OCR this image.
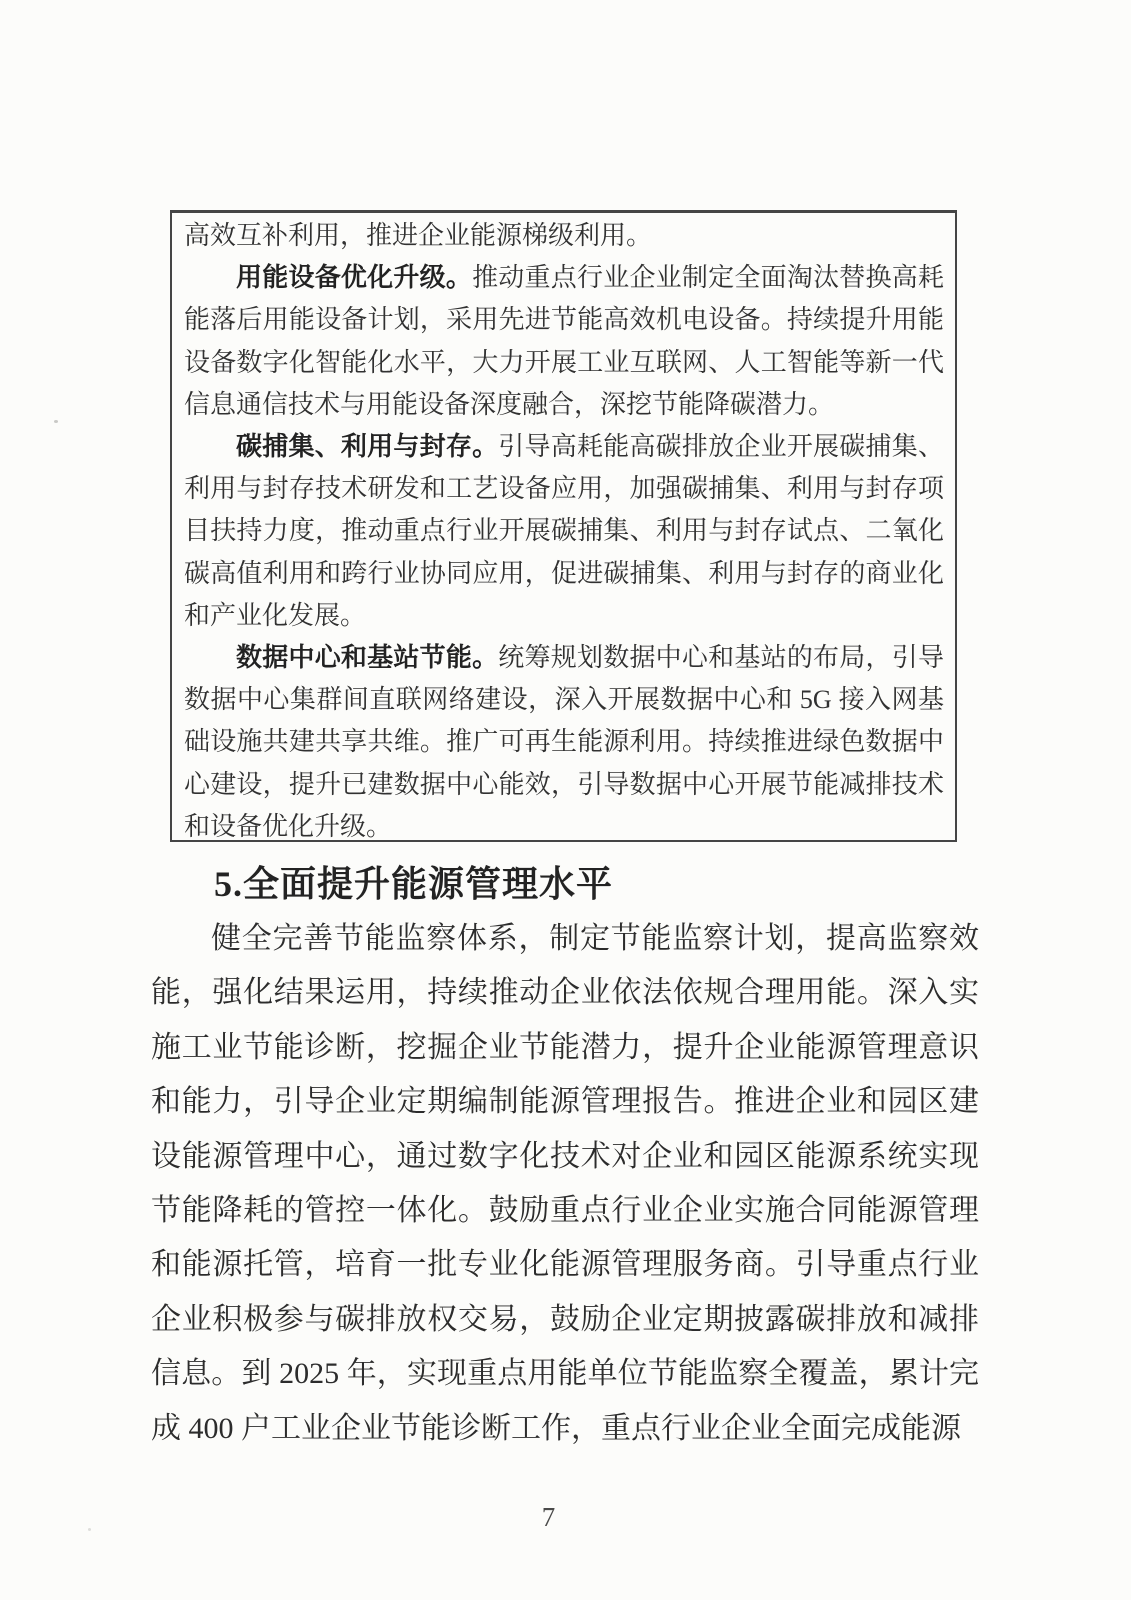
高效互补利用，推进企业能源梯级利用。

用能设备优化升级。推动重点行业企业制定全面淘汰替换高耗能落后用能设备计划，采用先进节能高效机电设备。持续提升用能设备数字化智能化水平，大力开展工业互联网、人工智能等新一代信息通信技术与用能设备深度融合，深挖节能降碳潜力。

碳捕集、利用与封存。引导高耗能高碳排放企业开展碳捕集、利用与封存技术研发和工艺设备应用，加强碳捕集、利用与封存项目扶持力度，推动重点行业开展碳捕集、利用与封存试点、二氧化碳高值利用和跨行业协同应用，促进碳捕集、利用与封存的商业化和产业化发展。

数据中心和基站节能。统筹规划数据中心和基站的布局，引导数据中心集群间直联网络建设，深入开展数据中心和 5G 接入网基础设施共建共享共维。推广可再生能源利用。持续推进绿色数据中心建设，提升已建数据中心能效，引导数据中心开展节能减排技术和设备优化升级。

5.全面提升能源管理水平

健全完善节能监察体系，制定节能监察计划，提高监察效能，强化结果运用，持续推动企业依法依规合理用能。深入实施工业节能诊断，挖掘企业节能潜力，提升企业能源管理意识和能力，引导企业定期编制能源管理报告。推进企业和园区建设能源管理中心，通过数字化技术对企业和园区能源系统实现节能降耗的管控一体化。鼓励重点行业企业实施合同能源管理和能源托管，培育一批专业化能源管理服务商。引导重点行业企业积极参与碳排放权交易，鼓励企业定期披露碳排放和减排信息。到 2025 年，实现重点用能单位节能监察全覆盖，累计完成 400 户工业企业节能诊断工作，重点行业企业全面完成能源

7
